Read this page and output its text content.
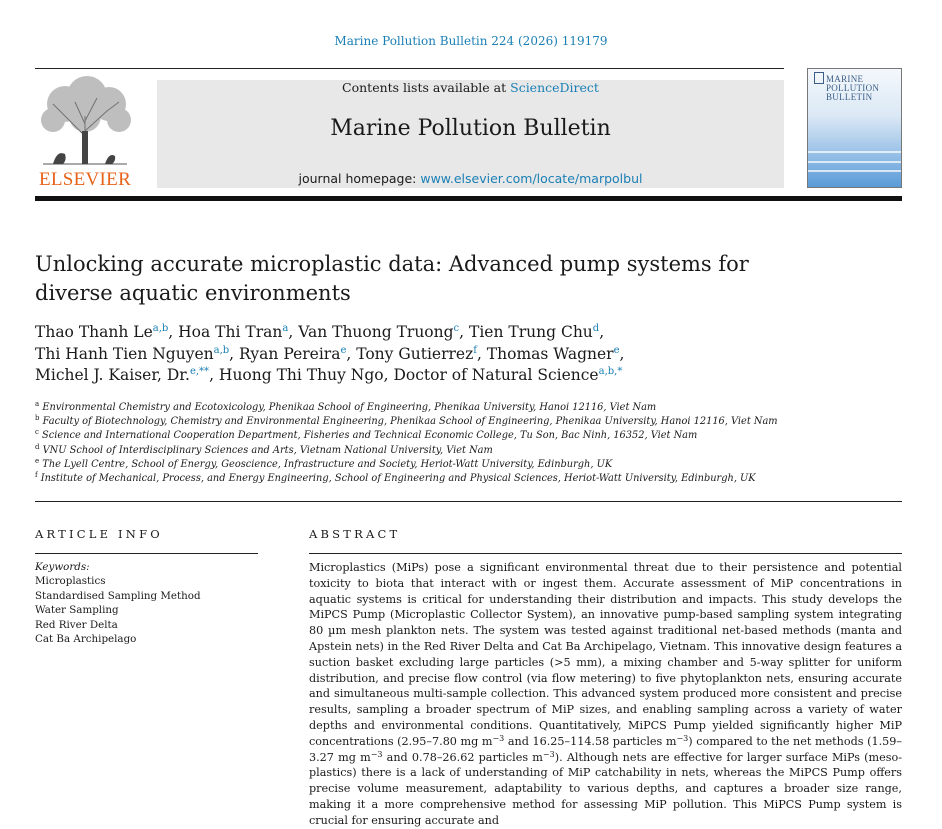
Marine Pollution Bulletin 224 (2026) 119179
ELSEVIER
Contents lists available at ScienceDirect
Marine Pollution Bulletin
journal homepage: www.elsevier.com/locate/marpolbul
MARINE POLLUTION BULLETIN
Unlocking accurate microplastic data: Advanced pump systems for diverse aquatic environments
Thao Thanh Le$^{a,b}$, Hoa Thi Tran$^a$, Van Thuong Truong$^c$, Tien Trung Chu$^d$,
Thi Hanh Tien Nguyen$^{a,b}$, Ryan Pereira$^e$, Tony Gutierrez$^f$, Thomas Wagner$^e$,
Michel J. Kaiser, Dr.$^{e,**}$, Huong Thi Thuy Ngo, Doctor of Natural Science$^{a,b,*}$
$^a$ Environmental Chemistry and Ecotoxicology, Phenikaa School of Engineering, Phenikaa University, Hanoi 12116, Viet Nam
$^b$ Faculty of Biotechnology, Chemistry and Environmental Engineering, Phenikaa School of Engineering, Phenikaa University, Hanoi 12116, Viet Nam
$^c$ Science and International Cooperation Department, Fisheries and Technical Economic College, Tu Son, Bac Ninh, 16352, Viet Nam
$^d$ VNU School of Interdisciplinary Sciences and Arts, Vietnam National University, Viet Nam
$^e$ The Lyell Centre, School of Energy, Geoscience, Infrastructure and Society, Heriot-Watt University, Edinburgh, UK
$^f$ Institute of Mechanical, Process, and Energy Engineering, School of Engineering and Physical Sciences, Heriot-Watt University, Edinburgh, UK
ARTICLE INFO	ABSTRACT
Keywords:
Microplastics
Standardised Sampling Method
Water Sampling
Red River Delta
Cat Ba Archipelago

Microplastics (MiPs) pose a significant environmental threat due to their persistence and potential toxicity to biota that interact with or ingest them. Accurate assessment of MiP concentrations in aquatic systems is critical for understanding their distribution and impacts. This study develops the MiPCS Pump (Microplastic Collector System), an innovative pump-based sampling system integrating 80 µm mesh plankton nets. The system was tested against traditional net-based methods (manta and Apstein nets) in the Red River Delta and Cat Ba Archipelago, Vietnam. This innovative design features a suction basket excluding large particles (>5 mm), a mixing chamber and 5-way splitter for uniform distribution, and precise flow control (via flow metering) to five phytoplankton nets, ensuring accurate and simultaneous multi-sample collection. This advanced system produced more consistent and precise results, sampling a broader spectrum of MiP sizes, and enabling sampling across a variety of water depths and environmental conditions. Quantitatively, MiPCS Pump yielded significantly higher MiP concentrations (2.95–7.80 mg $m^{-3}$ and 16.25–114.58 particles $m^{-3}$) compared to the net methods (1.59–3.27 mg $m^{-3}$ and 0.78–26.62 particles $m^{-3}$). Although nets are effective for larger surface MiPs (meso-plastics) there is a lack of understanding of MiP catchability in nets, whereas the MiPCS Pump offers precise volume measurement, adaptability to various depths, and captures a broader size range, making it a more comprehensive method for assessing MiP pollution. This MiPCS Pump system is crucial for ensuring accurate and
